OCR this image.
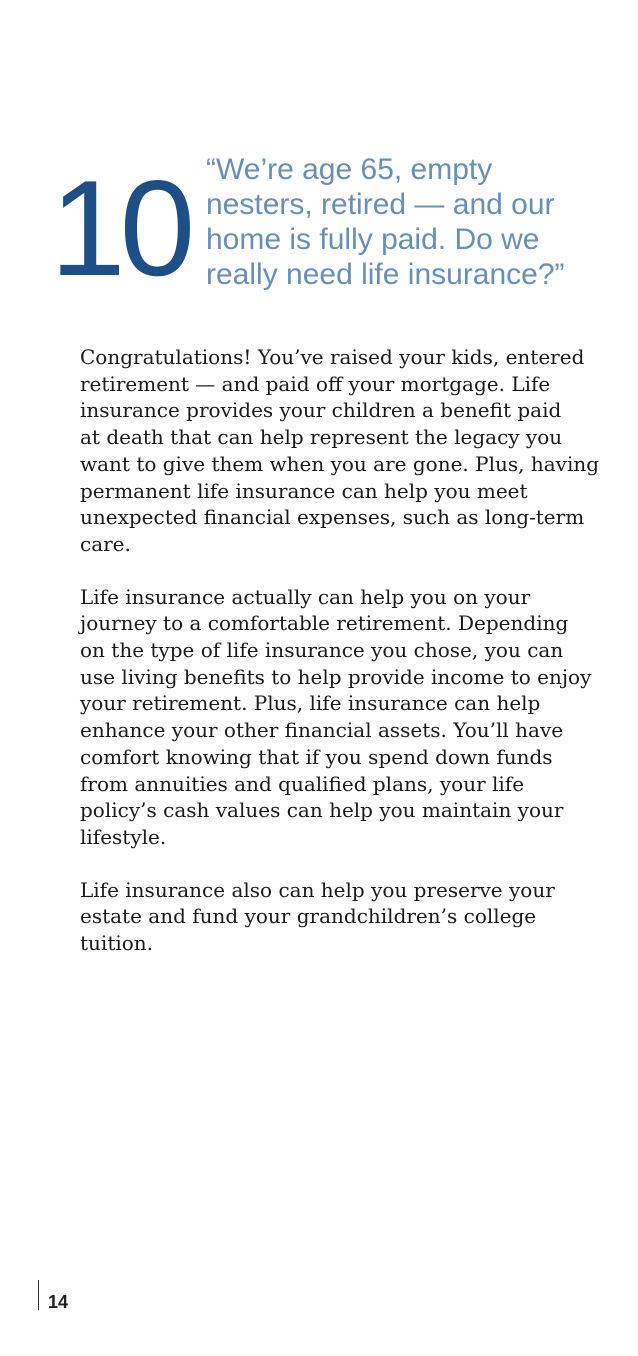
10 “We’re age 65, empty
nesters, retired — and our
home is fully paid. Do we
really need life insurance?”

Congratulations! You’ve raised your kids, entered
retirement — and paid off your mortgage. Life
insurance provides your children a benefit paid
at death that can help represent the legacy you
want to give them when you are gone. Plus, having
permanent life insurance can help you meet
unexpected financial expenses, such as long-term
care.

Life insurance actually can help you on your
journey to a comfortable retirement. Depending
on the type of life insurance you chose, you can
use living benefits to help provide income to enjoy
your retirement. Plus, life insurance can help
enhance your other financial assets. You’ll have
comfort knowing that if you spend down funds
from annuities and qualified plans, your life
policy’s cash values can help you maintain your
lifestyle.

Life insurance also can help you preserve your
estate and fund your grandchildren’s college
tuition.

14
